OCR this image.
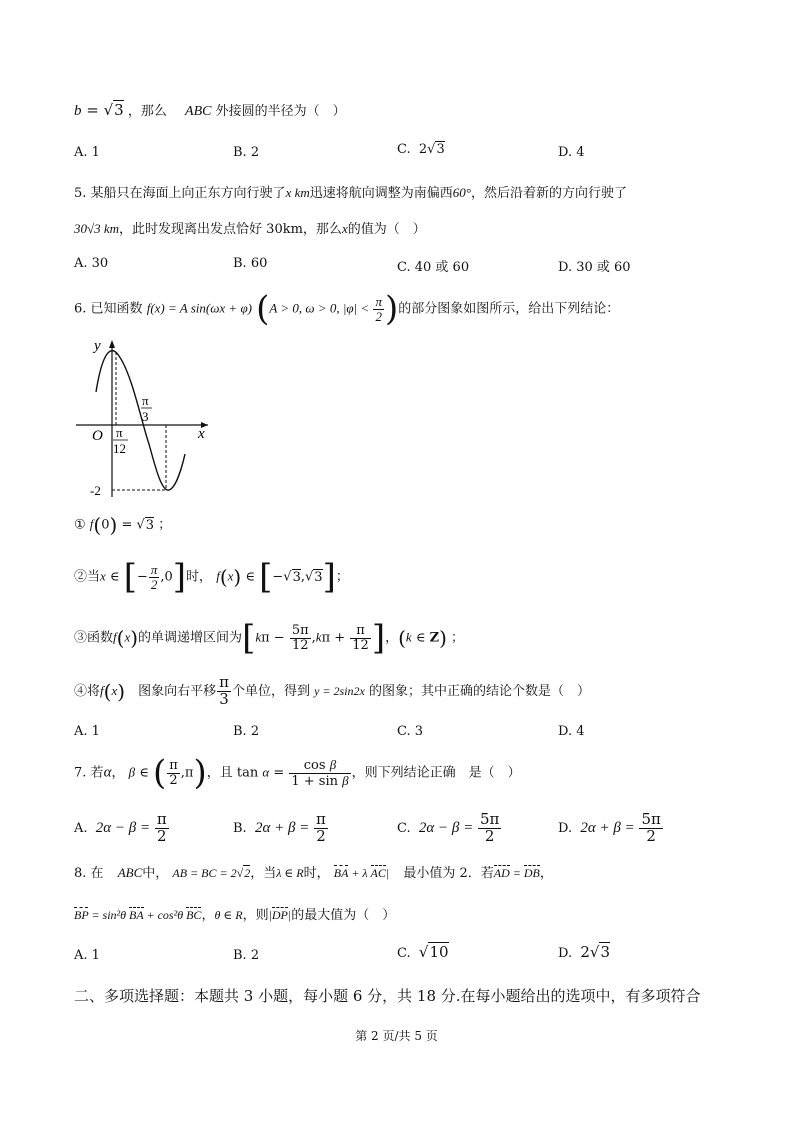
b = √3 ，那么 ABC 外接圆的半径为（　）
A. 1	B. 2	C.  2√3	D. 4
5. 某船只在海面上向正东方向行驶了x km迅速将航向调整为南偏西60°，然后沿着新的方向行驶了
30√3 km，此时发现离出发点恰好 30km，那么x的值为（　）
A. 30	B. 60	C. 40 或 60	D. 30 或 60
6. 已知函数 f(x) = A sin(ωx + φ) (A > 0, ω > 0, $|\varphi| < \frac{\pi}{2}$ )的部分图象如图所示，给出下列结论：
y
x
O
π
3
π
12
-2
① f(0) = √3 ；
②当x ∈ [− $\frac{\pi}{2} ,0$]时， f(x) ∈ [−√3,√3]；
③函数f(x)的单调递增区间为[$k\pi - \frac{5\pi}{12} ,k\pi + \frac{\pi}{12}$ ]，(k ∈ Z) ；
④将f(x)　 图象向右平移 $\frac{\pi}{3}$ 个单位，得到 y = 2sin2x 的图象；其中正确的结论个数是（　）
A. 1	B. 2	C. 3	D. 4
7. 若α， β ∈ ( $\frac{\pi}{2} ,\pi$)，且 $\tan \alpha = \frac{\text{cos β}}{\text{1 + sin β}}$ ，则下列结论正确　是（　）
A.  $2\alpha - \beta = \frac{\pi}{2}$	B.  $2\alpha + \beta = \frac{\pi}{2}$	C.  $2\alpha - \beta = \frac{5\pi}{2}$	D.  $2\alpha + \beta = \frac{5\pi}{2}$
8. 在 ABC中， AB = BC = 2√2，当λ ∈ R时， BA + λ AC| 最小值为 2．若AD = DB，
BP = sin²θ BA + cos²θ BC，θ ∈ R，则|DP|的最大值为（　）
A. 1	B. 2	C.  √10	D.  2√3
二、多项选择题：本题共 3 小题，每小题 6 分，共 18 分.在每小题给出的选项中，有多项符合
第 2 页/共 5 页
